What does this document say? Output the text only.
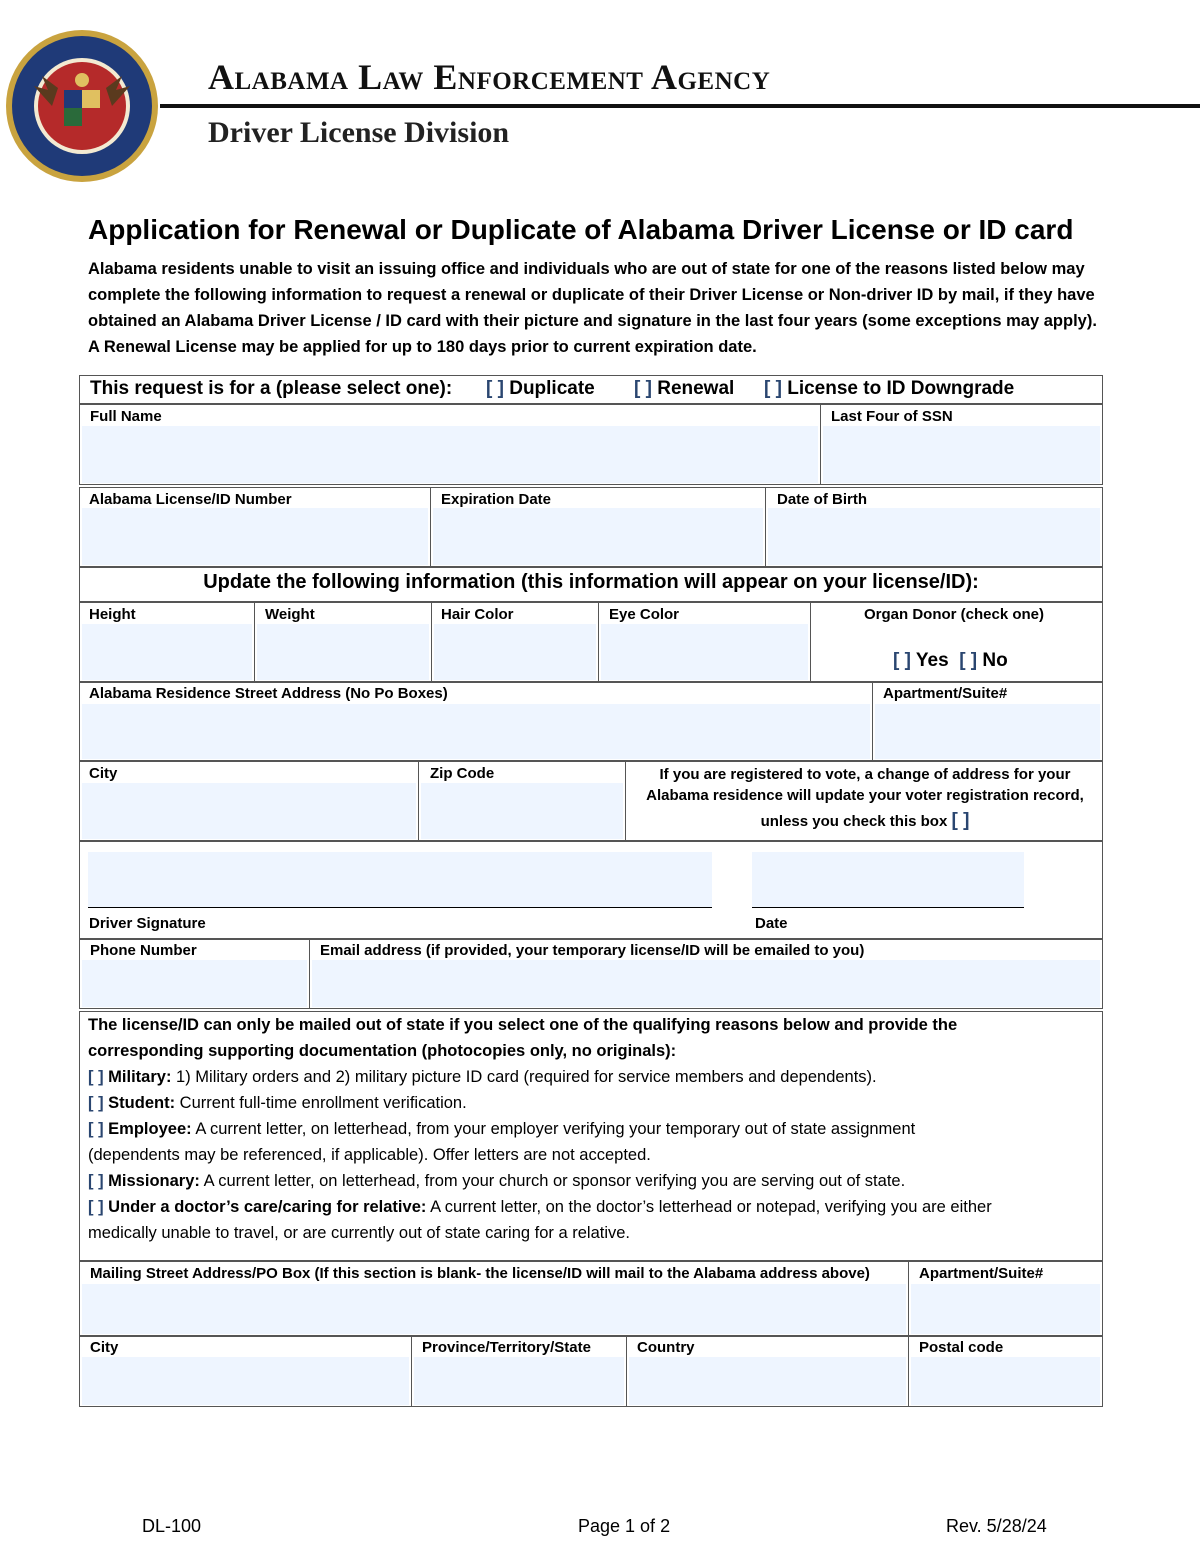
Alabama Law Enforcement Agency
Driver License Division
Application for Renewal or Duplicate of Alabama Driver License or ID card
Alabama residents unable to visit an issuing office and individuals who are out of state for one of the reasons listed below may complete the following information to request a renewal or duplicate of their Driver License or Non-driver ID by mail, if they have obtained an Alabama Driver License / ID card with their picture and signature in the last four years (some exceptions may apply). A Renewal License may be applied for up to 180 days prior to current expiration date.
This request is for a (please select one): [ ] Duplicate [ ] Renewal [ ] License to ID Downgrade
Full Name	Last Four of SSN
Alabama License/ID Number	Expiration Date	Date of Birth
Update the following information (this information will appear on your license/ID):
Height	Weight	Hair Color	Eye Color	Organ Donor (check one)
[ ] Yes [ ] No
Alabama Residence Street Address (No Po Boxes)	Apartment/Suite#
City	Zip Code	If you are registered to vote, a change of address for your
Alabama residence will update your voter registration record,
unless you check this box [ ]
Driver Signature	Date
Phone Number	Email address (if provided, your temporary license/ID will be emailed to you)
The license/ID can only be mailed out of state if you select one of the qualifying reasons below and provide the
corresponding supporting documentation (photocopies only, no originals):
[ ] Military: 1) Military orders and 2) military picture ID card (required for service members and dependents).
[ ] Student: Current full-time enrollment verification.
[ ] Employee: A current letter, on letterhead, from your employer verifying your temporary out of state assignment
(dependents may be referenced, if applicable). Offer letters are not accepted.
[ ] Missionary: A current letter, on letterhead, from your church or sponsor verifying you are serving out of state.
[ ] Under a doctor’s care/caring for relative: A current letter, on the doctor’s letterhead or notepad, verifying you are either
medically unable to travel, or are currently out of state caring for a relative.
Mailing Street Address/PO Box (If this section is blank- the license/ID will mail to the Alabama address above)	Apartment/Suite#
City	Province/Territory/State	Country	Postal code
DL-100	Page 1 of 2	Rev. 5/28/24
